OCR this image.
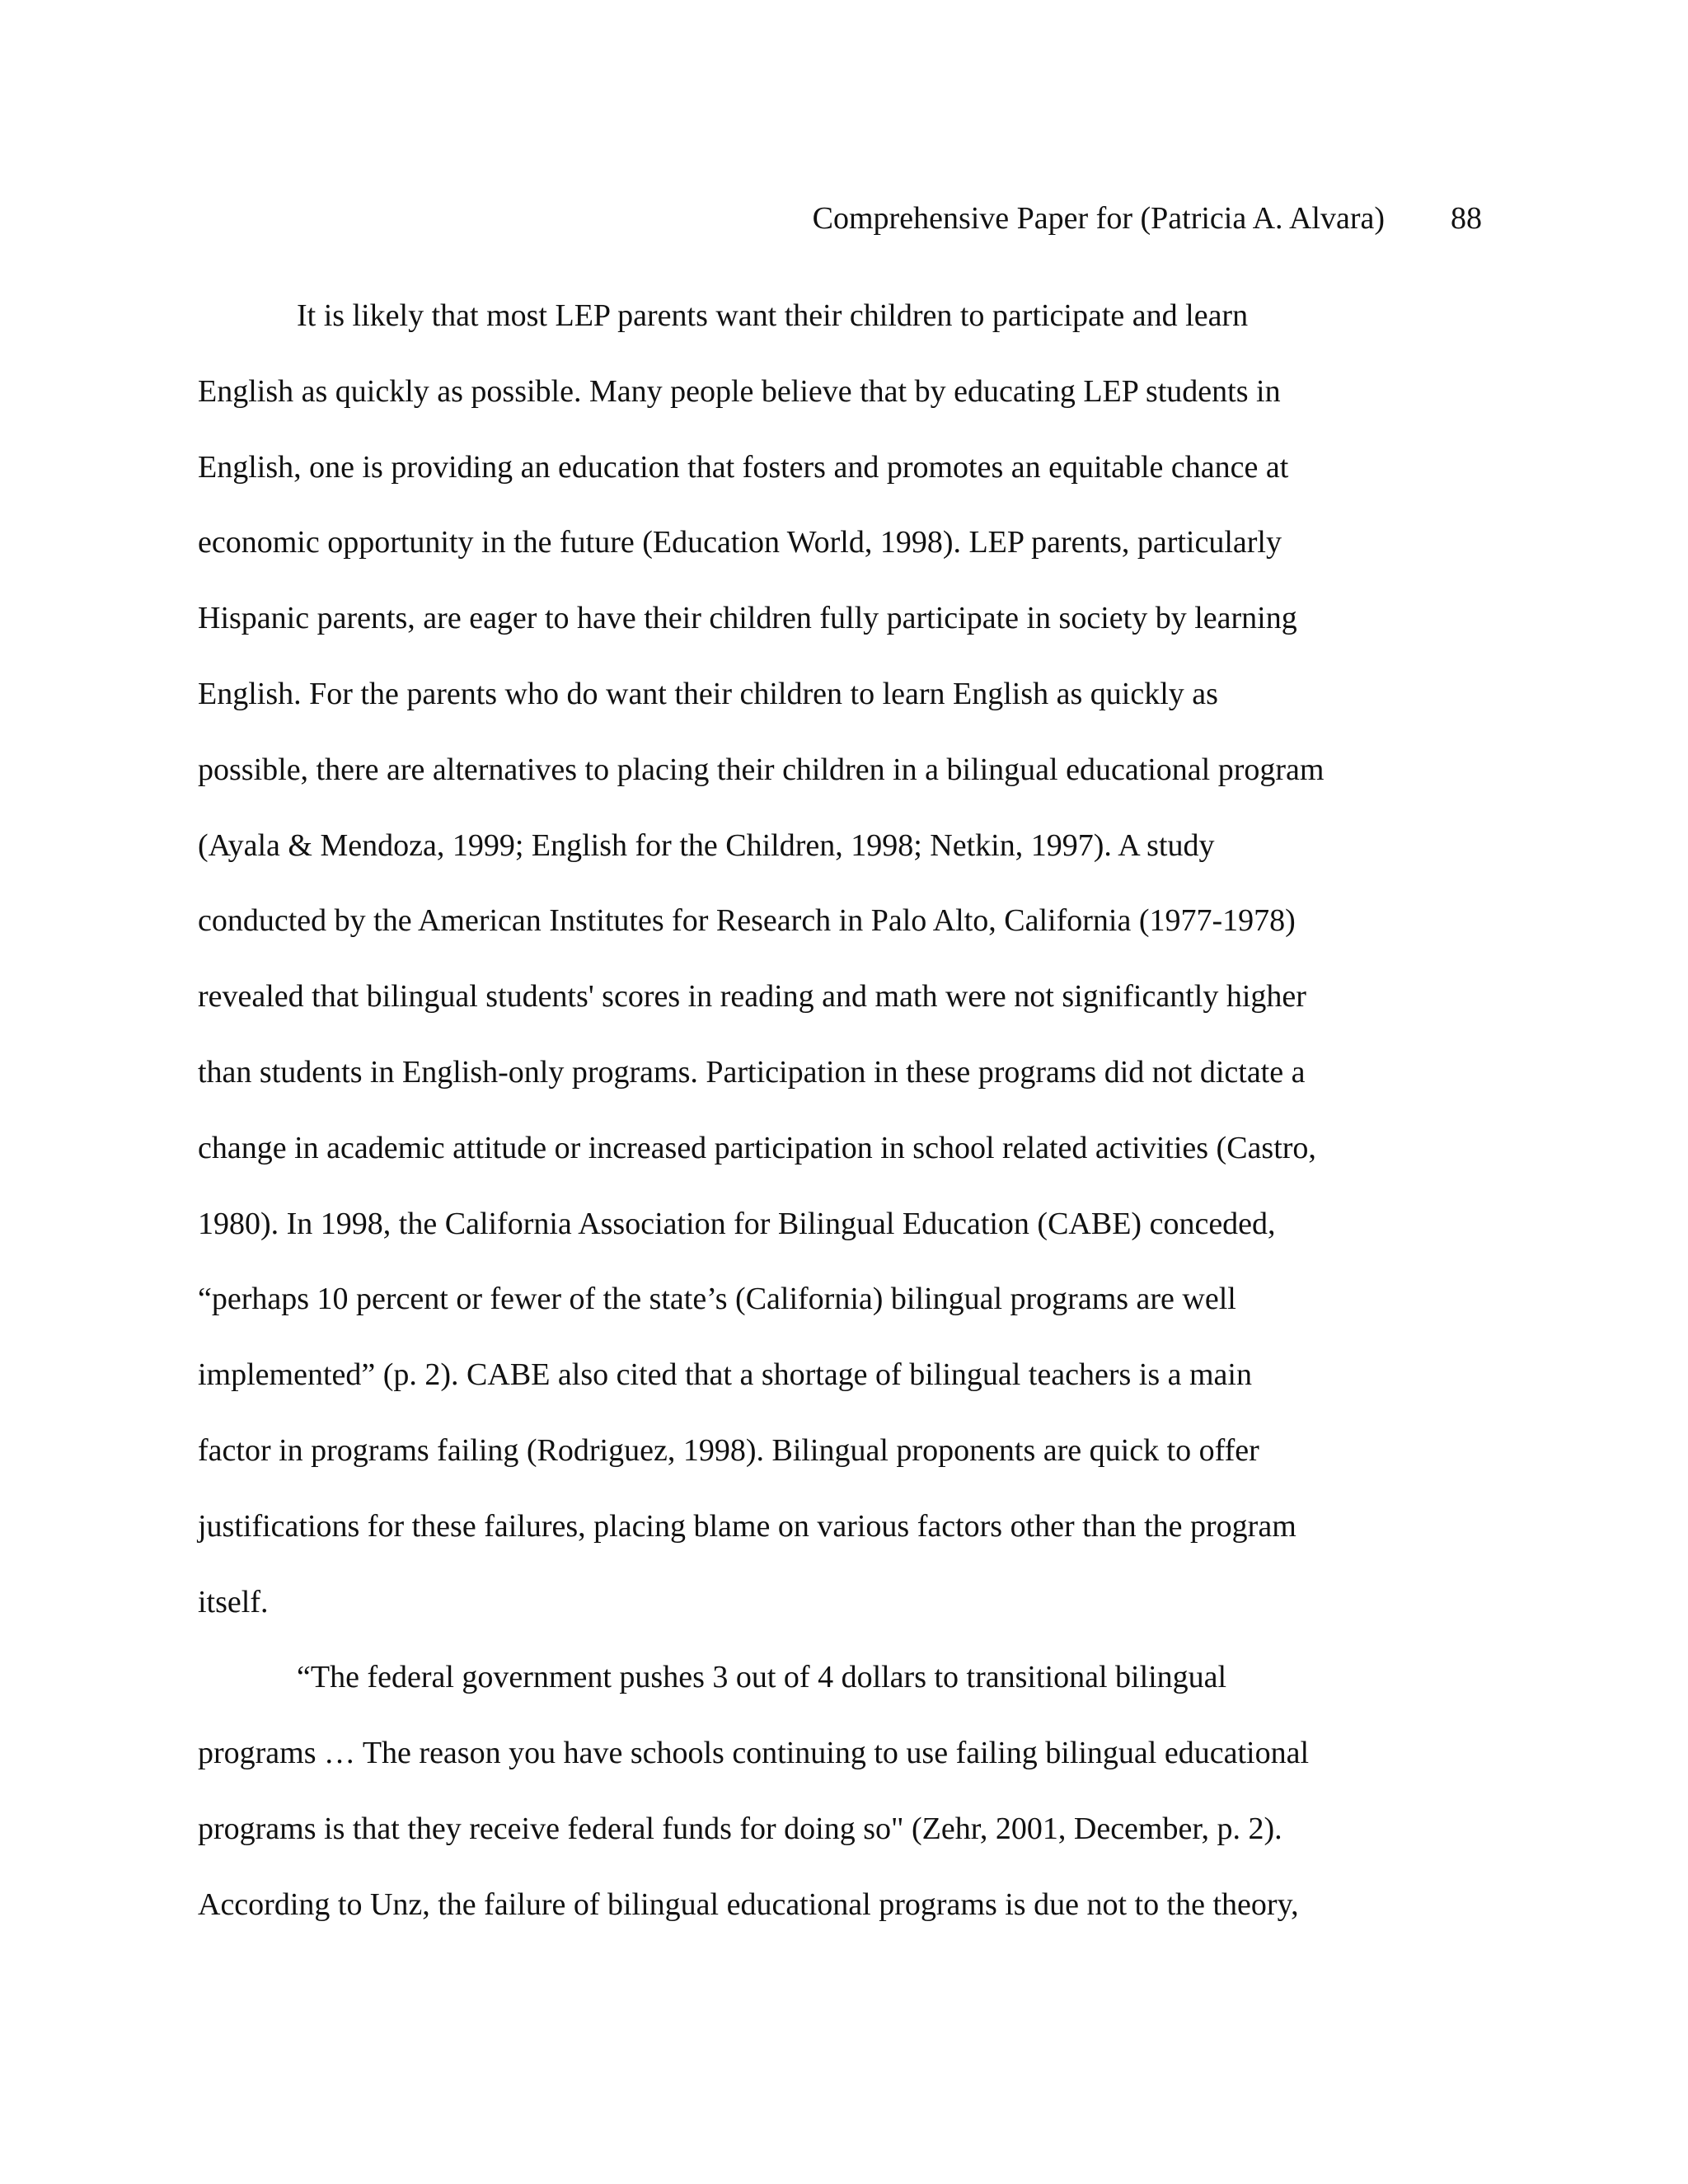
Comprehensive Paper for (Patricia A. Alvara) 88
It is likely that most LEP parents want their children to participate and learn
English as quickly as possible. Many people believe that by educating LEP students in
English, one is providing an education that fosters and promotes an equitable chance at
economic opportunity in the future (Education World, 1998). LEP parents, particularly
Hispanic parents, are eager to have their children fully participate in society by learning
English. For the parents who do want their children to learn English as quickly as
possible, there are alternatives to placing their children in a bilingual educational program
(Ayala & Mendoza, 1999; English for the Children, 1998; Netkin, 1997). A study
conducted by the American Institutes for Research in Palo Alto, California (1977-1978)
revealed that bilingual students' scores in reading and math were not significantly higher
than students in English-only programs. Participation in these programs did not dictate a
change in academic attitude or increased participation in school related activities (Castro,
1980). In 1998, the California Association for Bilingual Education (CABE) conceded,
“perhaps 10 percent or fewer of the state’s (California) bilingual programs are well
implemented” (p. 2). CABE also cited that a shortage of bilingual teachers is a main
factor in programs failing (Rodriguez, 1998). Bilingual proponents are quick to offer
justifications for these failures, placing blame on various factors other than the program
itself.
“The federal government pushes 3 out of 4 dollars to transitional bilingual
programs … The reason you have schools continuing to use failing bilingual educational
programs is that they receive federal funds for doing so" (Zehr, 2001, December, p. 2).
According to Unz, the failure of bilingual educational programs is due not to the theory,
